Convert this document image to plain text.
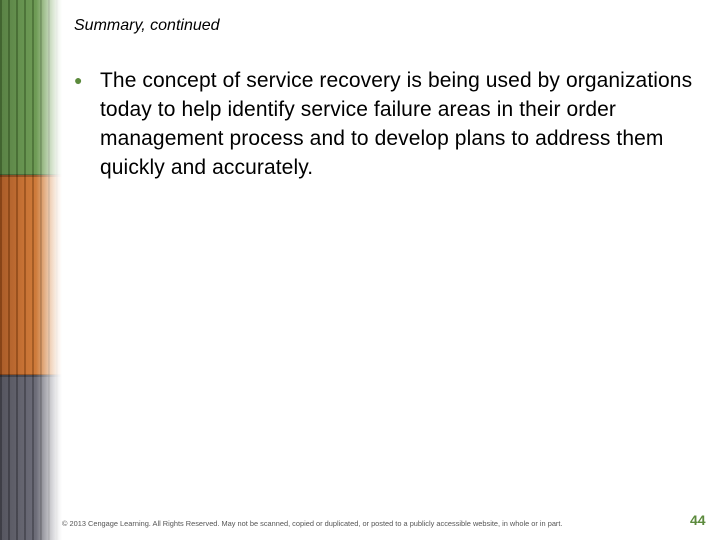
Summary, continued
● The concept of service recovery is being used by organizations today to help identify service failure areas in their order management process and to develop plans to address them quickly and accurately.
© 2013 Cengage Learning. All Rights Reserved. May not be scanned, copied or duplicated, or posted to a publicly accessible website, in whole or in part.	44
